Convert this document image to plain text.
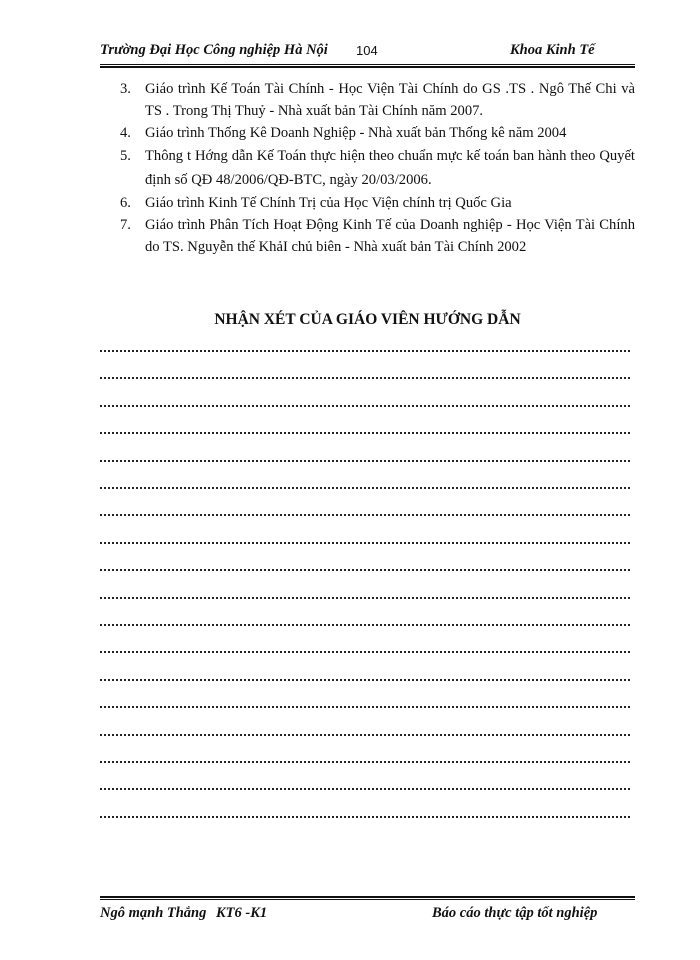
Trường Đại Học Công nghiệp Hà Nội 104	Khoa Kinh Tế
3. Giáo trình Kế Toán Tài Chính - Học Viện Tài Chính do GS .TS . Ngô Thế Chi và TS . Trong Thị Thuỷ - Nhà xuất bản Tài Chính năm 2007.
4. Giáo trình Thống Kê Doanh Nghiệp - Nhà xuất bản Thống kê năm 2004
5. Thông t Hớng dẫn Kế Toán thực hiện theo chuẩn mực kế toán ban hành theo Quyết định số QĐ 48/2006/QĐ-BTC, ngày 20/03/2006.
6. Giáo trình Kinh Tế Chính Trị của Học Viện chính trị Quốc Gia
7. Giáo trình Phân Tích Hoạt Động Kinh Tế của Doanh nghiệp - Học Viện Tài Chính do TS. Nguyễn thế KhảI chủ biên - Nhà xuất bản Tài Chính 2002
NHẬN XÉT CỦA GIÁO VIÊN HƯỚNG DẪN
Ngô mạnh Thắng KT6 -K1	Báo cáo thực tập tốt nghiệp
